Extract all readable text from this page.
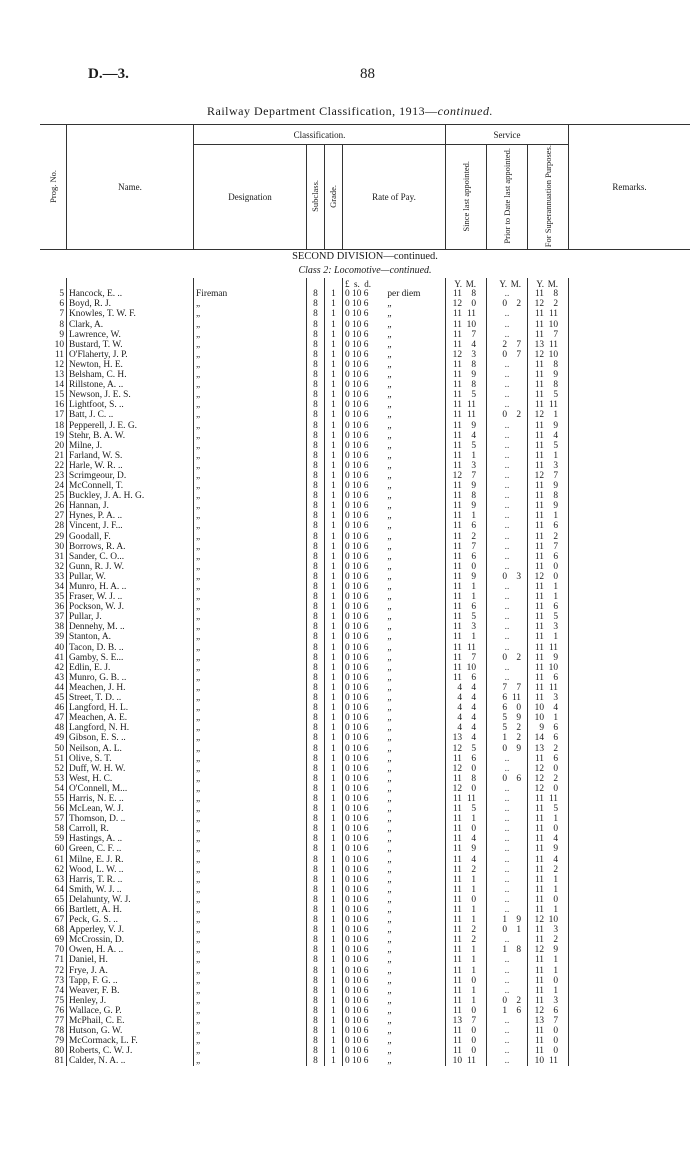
D.—3.	88
Railway Department Classification, 1913—continued.
Prog. No.	Name.	Classification.				Service			Remarks.
		Designation	Subclass.	Grade.	Rate of Pay.	Since last appointed.	Prior to Date last appointed.	For Superannuation Purposes.	
SECOND DIVISION—continued.									
Class 2: Locomotive—continued.									
					£ s. d.	Y. M.	Y. M.	Y. M.	
5	Hancock, E. ..	Fireman	8	1	0 10 6 per diem	11 8	..	11 8	
6	Boyd, R. J.	„	8	1	0 10 6 „	12 0	0 2	12 2	
7	Knowles, T. W. F.	„	8	1	0 10 6 „	11 11	..	11 11	
8	Clark, A.	„	8	1	0 10 6 „	11 10	..	11 10	
9	Lawrence, W.	„	8	1	0 10 6 „	11 7	..	11 7	
10	Bustard, T. W.	„	8	1	0 10 6 „	11 4	2 7	13 11	
11	O'Flaherty, J. P.	„	8	1	0 10 6 „	12 3	0 7	12 10	
12	Newton, H. E.	„	8	1	0 10 6 „	11 8	..	11 8	
13	Belsham, C. H.	„	8	1	0 10 6 „	11 9	..	11 9	
14	Rillstone, A. ..	„	8	1	0 10 6 „	11 8	..	11 8	
15	Newson, J. E. S.	„	8	1	0 10 6 „	11 5	..	11 5	
16	Lightfoot, S. ..	„	8	1	0 10 6 „	11 11	..	11 11	
17	Batt, J. C. ..	„	8	1	0 10 6 „	11 11	0 2	12 1	
18	Pepperell, J. E. G.	„	8	1	0 10 6 „	11 9	..	11 9	
19	Stehr, B. A. W.	„	8	1	0 10 6 „	11 4	..	11 4	
20	Milne, J.	„	8	1	0 10 6 „	11 5	..	11 5	
21	Farland, W. S.	„	8	1	0 10 6 „	11 1	..	11 1	
22	Harle, W. R. ..	„	8	1	0 10 6 „	11 3	..	11 3	
23	Scrimgeour, D.	„	8	1	0 10 6 „	12 7	..	12 7	
24	McConnell, T.	„	8	1	0 10 6 „	11 9	..	11 9	
25	Buckley, J. A. H. G.	„	8	1	0 10 6 „	11 8	..	11 8	
26	Hannan, J.	„	8	1	0 10 6 „	11 9	..	11 9	
27	Hynes, P. A. ..	„	8	1	0 10 6 „	11 1	..	11 1	
28	Vincent, J. F...	„	8	1	0 10 6 „	11 6	..	11 6	
29	Goodall, F.	„	8	1	0 10 6 „	11 2	..	11 2	
30	Borrows, R. A.	„	8	1	0 10 6 „	11 7	..	11 7	
31	Sander, C. O...	„	8	1	0 10 6 „	11 6	..	11 6	
32	Gunn, R. J. W.	„	8	1	0 10 6 „	11 0	..	11 0	
33	Pullar, W.	„	8	1	0 10 6 „	11 9	0 3	12 0	
34	Munro, H. A. ..	„	8	1	0 10 6 „	11 1	..	11 1	
35	Fraser, W. J. ..	„	8	1	0 10 6 „	11 1	..	11 1	
36	Pockson, W. J.	„	8	1	0 10 6 „	11 6	..	11 6	
37	Pullar, J.	„	8	1	0 10 6 „	11 5	..	11 5	
38	Dennehy, M. ..	„	8	1	0 10 6 „	11 3	..	11 3	
39	Stanton, A.	„	8	1	0 10 6 „	11 1	..	11 1	
40	Tacon, D. B. ..	„	8	1	0 10 6 „	11 11	..	11 11	
41	Gamby, S. E...	„	8	1	0 10 6 „	11 7	0 2	11 9	
42	Edlin, E. J.	„	8	1	0 10 6 „	11 10	..	11 10	
43	Munro, G. B. ..	„	8	1	0 10 6 „	11 6	..	11 6	
44	Meachen, J. H.	„	8	1	0 10 6 „	4 4	7 7	11 11	
45	Street, T. D. ..	„	8	1	0 10 6 „	4 4	6 11	11 3	
46	Langford, H. L.	„	8	1	0 10 6 „	4 4	6 0	10 4	
47	Meachen, A. E.	„	8	1	0 10 6 „	4 4	5 9	10 1	
48	Langford, N. H.	„	8	1	0 10 6 „	4 4	5 2	9 6	
49	Gibson, E. S. ..	„	8	1	0 10 6 „	13 4	1 2	14 6	
50	Neilson, A. L.	„	8	1	0 10 6 „	12 5	0 9	13 2	
51	Olive, S. T.	„	8	1	0 10 6 „	11 6	..	11 6	
52	Duff, W. H. W.	„	8	1	0 10 6 „	12 0	..	12 0	
53	West, H. C.	„	8	1	0 10 6 „	11 8	0 6	12 2	
54	O'Connell, M...	„	8	1	0 10 6 „	12 0	..	12 0	
55	Harris, N. E. ..	„	8	1	0 10 6 „	11 11	..	11 11	
56	McLean, W. J.	„	8	1	0 10 6 „	11 5	..	11 5	
57	Thomson, D. ..	„	8	1	0 10 6 „	11 1	..	11 1	
58	Carroll, R.	„	8	1	0 10 6 „	11 0	..	11 0	
59	Hastings, A. ..	„	8	1	0 10 6 „	11 4	..	11 4	
60	Green, C. F. ..	„	8	1	0 10 6 „	11 9	..	11 9	
61	Milne, E. J. R.	„	8	1	0 10 6 „	11 4	..	11 4	
62	Wood, L. W. ..	„	8	1	0 10 6 „	11 2	..	11 2	
63	Harris, T. R. ..	„	8	1	0 10 6 „	11 1	..	11 1	
64	Smith, W. J. ..	„	8	1	0 10 6 „	11 1	..	11 1	
65	Delahunty, W. J.	„	8	1	0 10 6 „	11 0	..	11 0	
66	Bartlett, A. H.	„	8	1	0 10 6 „	11 1	..	11 1	
67	Peck, G. S. ..	„	8	1	0 10 6 „	11 1	1 9	12 10	
68	Apperley, V. J.	„	8	1	0 10 6 „	11 2	0 1	11 3	
69	McCrossin, D.	„	8	1	0 10 6 „	11 2	..	11 2	
70	Owen, H. A. ..	„	8	1	0 10 6 „	11 1	1 8	12 9	
71	Daniel, H.	„	8	1	0 10 6 „	11 1	..	11 1	
72	Frye, J. A.	„	8	1	0 10 6 „	11 1	..	11 1	
73	Tapp, F. G. ..	„	8	1	0 10 6 „	11 0	..	11 0	
74	Weaver, F. B.	„	8	1	0 10 6 „	11 1	..	11 1	
75	Henley, J.	„	8	1	0 10 6 „	11 1	0 2	11 3	
76	Wallace, G. P.	„	8	1	0 10 6 „	11 0	1 6	12 6	
77	McPhail, C. E.	„	8	1	0 10 6 „	13 7	..	13 7	
78	Hutson, G. W.	„	8	1	0 10 6 „	11 0	..	11 0	
79	McCormack, L. F.	„	8	1	0 10 6 „	11 0	..	11 0	
80	Roberts, C. W. J.	„	8	1	0 10 6 „	11 0	..	11 0	
81	Calder, N. A. ..	„	8	1	0 10 6 „	10 11	..	10 11	
